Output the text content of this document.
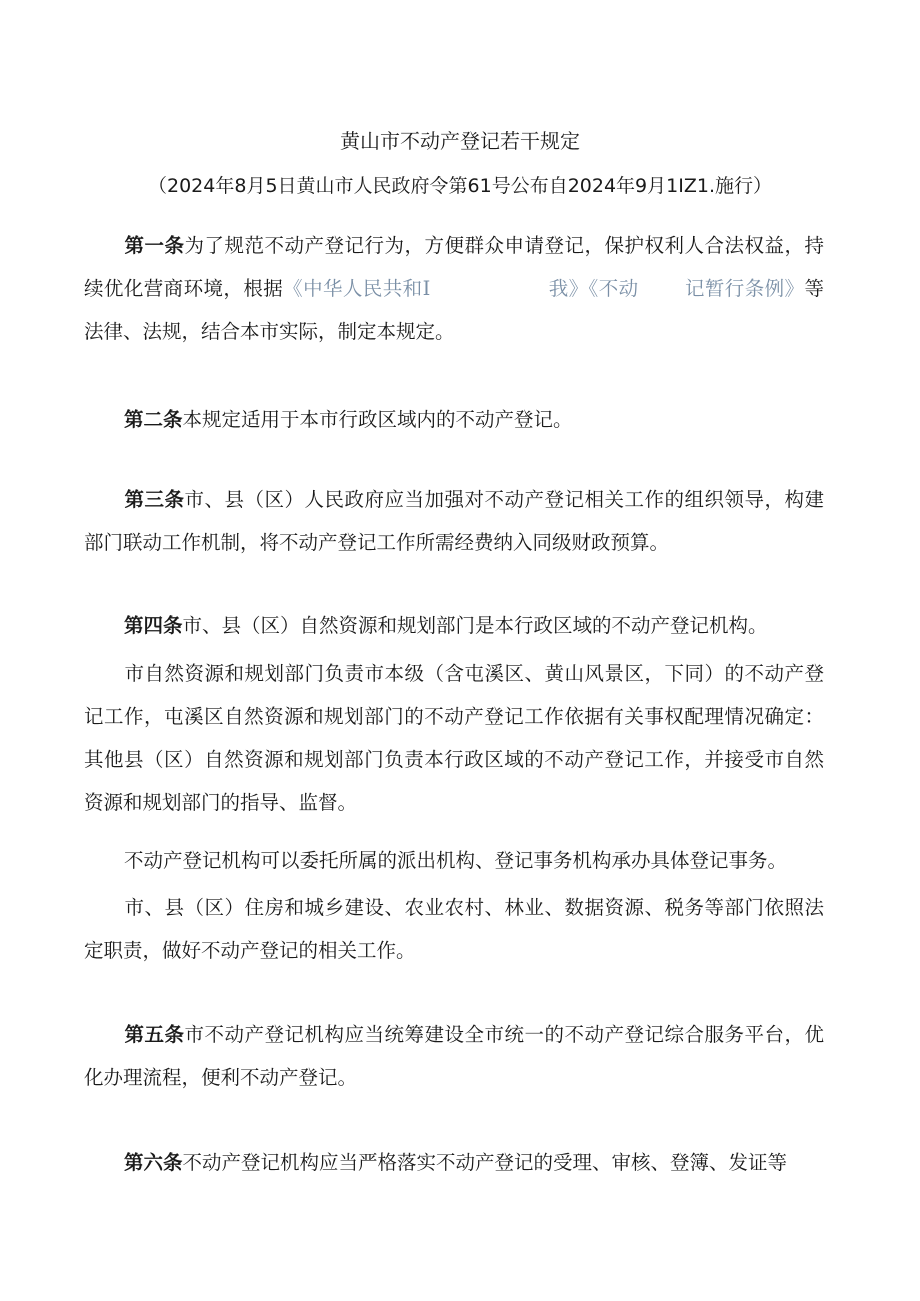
黄山市不动产登记若干规定
（2024年8月5日黄山市人民政府令第61号公布自2024年9月1IZ1.施行）

第一条为了规范不动产登记行为，方便群众申请登记，保护权利人合法权益，持续优化营商环境，根据《中华人民共和I	我》《不动 记暂行条例》等法律、法规，结合本市实际，制定本规定。

第二条本规定适用于本市行政区域内的不动产登记。

第三条市、县（区）人民政府应当加强对不动产登记相关工作的组织领导，构建部门联动工作机制，将不动产登记工作所需经费纳入同级财政预算。

第四条市、县（区）自然资源和规划部门是本行政区域的不动产登记机构。

市自然资源和规划部门负责市本级（含屯溪区、黄山风景区，下同）的不动产登记工作，屯溪区自然资源和规划部门的不动产登记工作依据有关事权配理情况确定：其他县（区）自然资源和规划部门负责本行政区域的不动产登记工作，并接受市自然资源和规划部门的指导、监督。

不动产登记机构可以委托所属的派出机构、登记事务机构承办具体登记事务。

市、县（区）住房和城乡建设、农业农村、林业、数据资源、税务等部门依照法定职责，做好不动产登记的相关工作。

第五条市不动产登记机构应当统筹建设全市统一的不动产登记综合服务平台，优化办理流程，便利不动产登记。

第六条不动产登记机构应当严格落实不动产登记的受理、审核、登簿、发证等
